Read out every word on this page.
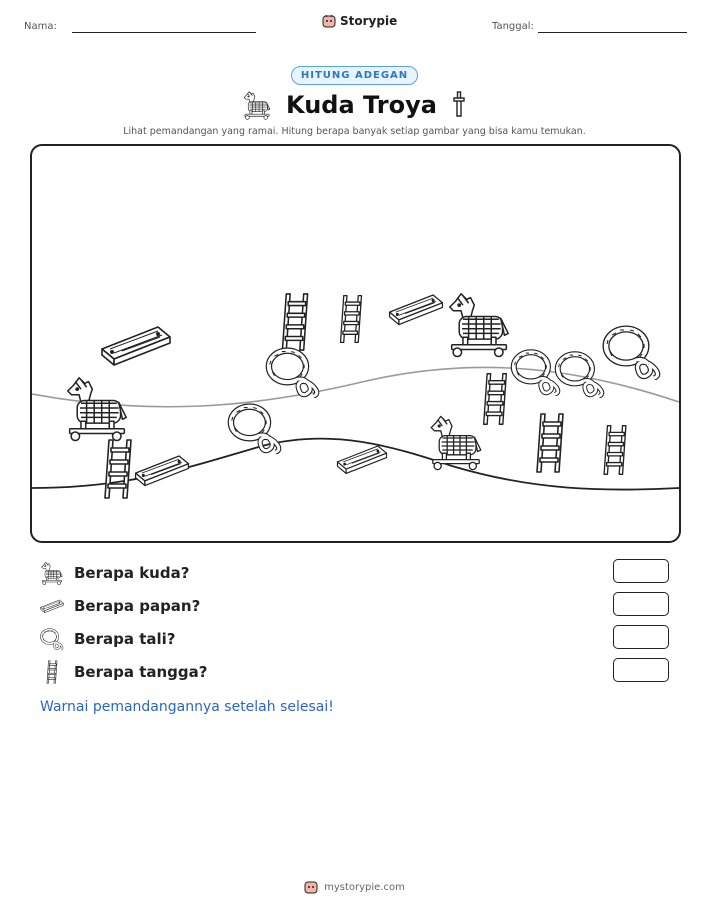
Nama:	Storypie	Tanggal:
HITUNG ADEGAN
Kuda Troya
Lihat pemandangan yang ramai. Hitung berapa banyak setiap gambar yang bisa kamu temukan.
Berapa kuda?
Berapa papan?
Berapa tali?
Berapa tangga?
Warnai pemandangannya setelah selesai!
mystorypie.com
